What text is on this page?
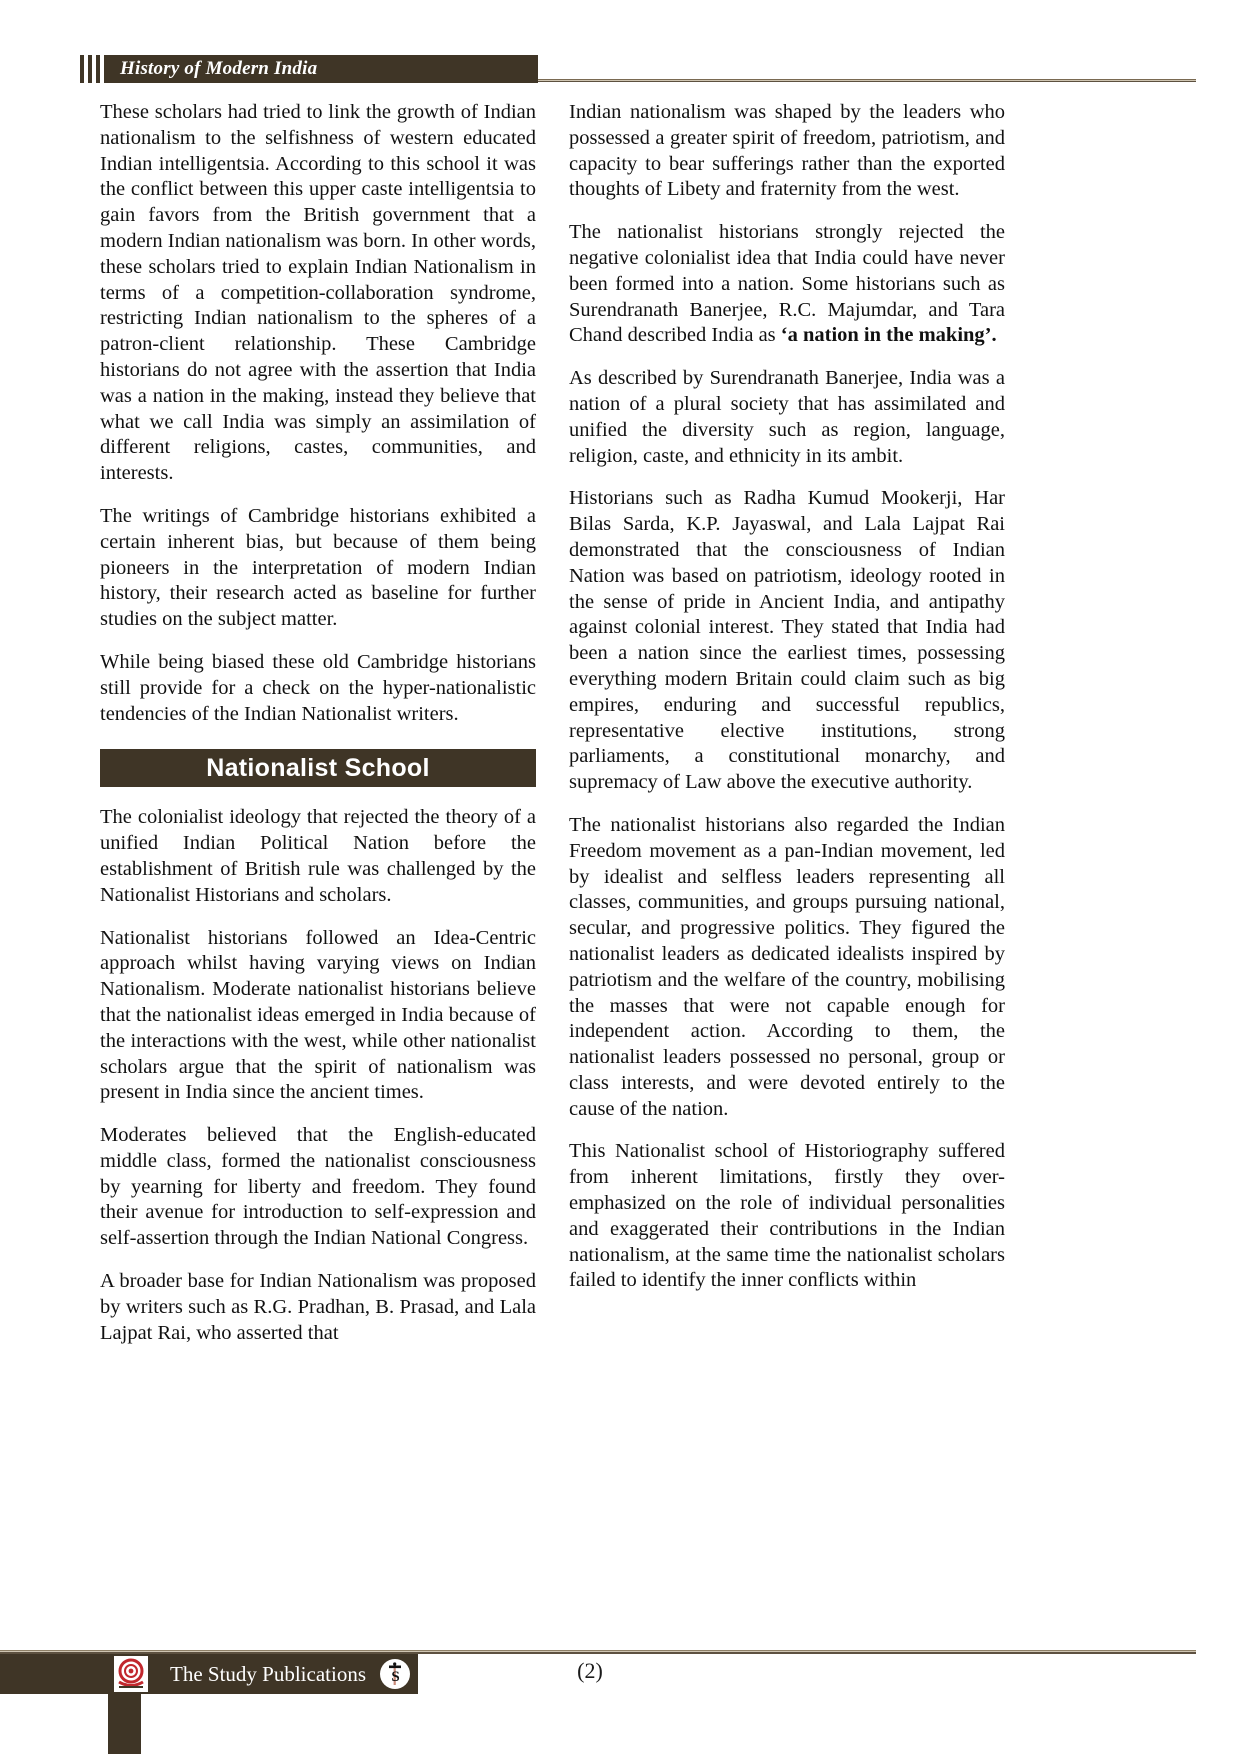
History of Modern India

These scholars had tried to link the growth of Indian nationalism to the selfishness of western educated Indian intelligentsia. According to this school it was the conflict between this upper caste intelligentsia to gain favors from the British government that a modern Indian nationalism was born. In other words, these scholars tried to explain Indian Nationalism in terms of a competition-collaboration syndrome, restricting Indian nationalism to the spheres of a patron-client relationship. These Cambridge historians do not agree with the assertion that India was a nation in the making, instead they believe that what we call India was simply an assimilation of different religions, castes, communities, and interests.

The writings of Cambridge historians exhibited a certain inherent bias, but because of them being pioneers in the interpretation of modern Indian history, their research acted as baseline for further studies on the subject matter.

While being biased these old Cambridge historians still provide for a check on the hyper-nationalistic tendencies of the Indian Nationalist writers.

Nationalist School

The colonialist ideology that rejected the theory of a unified Indian Political Nation before the establishment of British rule was challenged by the Nationalist Historians and scholars.

Nationalist historians followed an Idea-Centric approach whilst having varying views on Indian Nationalism. Moderate nationalist historians believe that the nationalist ideas emerged in India because of the interactions with the west, while other nationalist scholars argue that the spirit of nationalism was present in India since the ancient times.

Moderates believed that the English-educated middle class, formed the nationalist consciousness by yearning for liberty and freedom. They found their avenue for introduction to self-expression and self-assertion through the Indian National Congress.

A broader base for Indian Nationalism was proposed by writers such as R.G. Pradhan, B. Prasad, and Lala Lajpat Rai, who asserted that

Indian nationalism was shaped by the leaders who possessed a greater spirit of freedom, patriotism, and capacity to bear sufferings rather than the exported thoughts of Libety and fraternity from the west.

The nationalist historians strongly rejected the negative colonialist idea that India could have never been formed into a nation. Some historians such as Surendranath Banerjee, R.C. Majumdar, and Tara Chand described India as ‘a nation in the making’.

As described by Surendranath Banerjee, India was a nation of a plural society that has assimilated and unified the diversity such as region, language, religion, caste, and ethnicity in its ambit.

Historians such as Radha Kumud Mookerji, Har Bilas Sarda, K.P. Jayaswal, and Lala Lajpat Rai demonstrated that the consciousness of Indian Nation was based on patriotism, ideology rooted in the sense of pride in Ancient India, and antipathy against colonial interest. They stated that India had been a nation since the earliest times, possessing everything modern Britain could claim such as big empires, enduring and successful republics, representative elective institutions, strong parliaments, a constitutional monarchy, and supremacy of Law above the executive authority.

The nationalist historians also regarded the Indian Freedom movement as a pan-Indian movement, led by idealist and selfless leaders representing all classes, communities, and groups pursuing national, secular, and progressive politics. They figured the nationalist leaders as dedicated idealists inspired by patriotism and the welfare of the country, mobilising the masses that were not capable enough for independent action. According to them, the nationalist leaders possessed no personal, group or class interests, and were devoted entirely to the cause of the nation.

This Nationalist school of Historiography suffered from inherent limitations, firstly they over-emphasized on the role of individual personalities and exaggerated their contributions in the Indian nationalism, at the same time the nationalist scholars failed to identify the inner conflicts within

The Study Publications S	(2)
